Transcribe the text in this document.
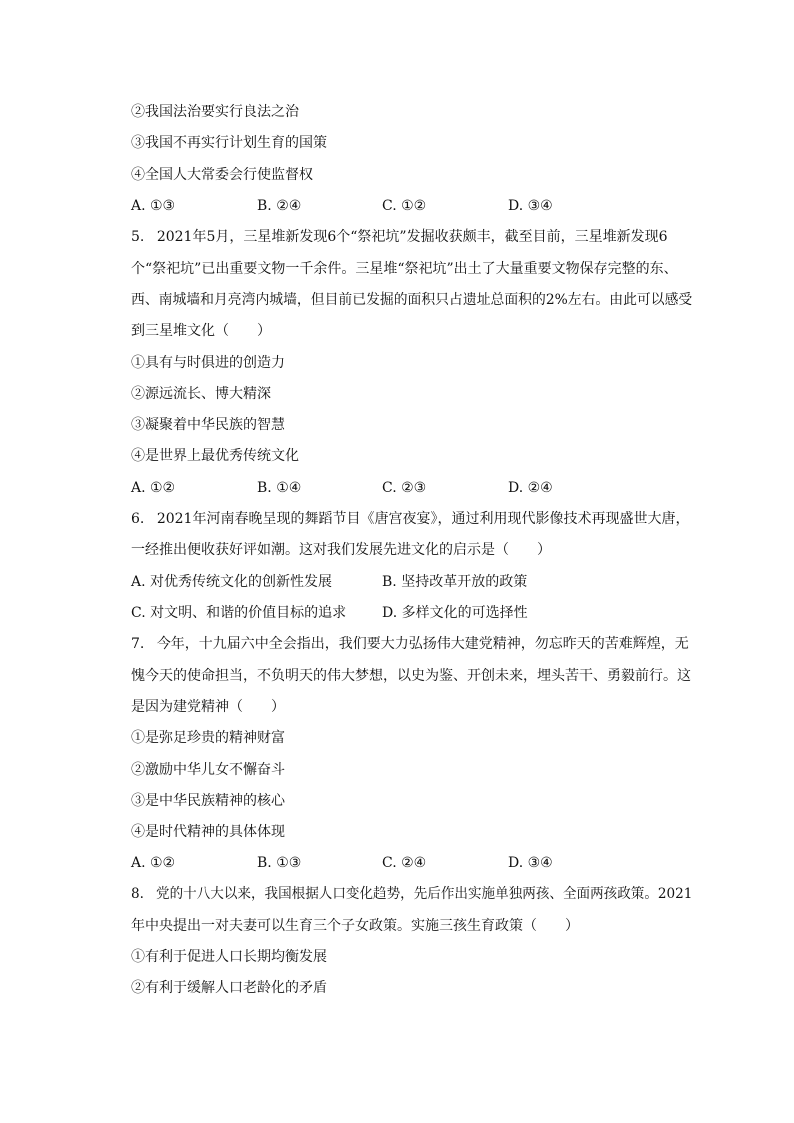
②我国法治要实行良法之治
③我国不再实行计划生育的国策
④全国人大常委会行使监督权
A. ①③	B. ②④	C. ①②	D. ③④
5. 2021年5月，三星堆新发现6个“祭祀坑”发掘收获颇丰，截至目前，三星堆新发现6
个“祭祀坑”已出重要文物一千余件。三星堆“祭祀坑”出土了大量重要文物保存完整的东、
西、南城墙和月亮湾内城墙，但目前已发掘的面积只占遗址总面积的2%左右。由此可以感受
到三星堆文化（　　）
①具有与时俱进的创造力
②源远流长、博大精深
③凝聚着中华民族的智慧
④是世界上最优秀传统文化
A. ①②	B. ①④	C. ②③	D. ②④
6. 2021年河南春晚呈现的舞蹈节目《唐宫夜宴》，通过利用现代影像技术再现盛世大唐，
一经推出便收获好评如潮。这对我们发展先进文化的启示是（　　）
A. 对优秀传统文化的创新性发展	B. 坚持改革开放的政策
C. 对文明、和谐的价值目标的追求	D. 多样文化的可选择性
7. 今年，十九届六中全会指出，我们要大力弘扬伟大建党精神，勿忘昨天的苦难辉煌，无
愧今天的使命担当，不负明天的伟大梦想，以史为鉴、开创未来，埋头苦干、勇毅前行。这
是因为建党精神（　　）
①是弥足珍贵的精神财富
②激励中华儿女不懈奋斗
③是中华民族精神的核心
④是时代精神的具体体现
A. ①②	B. ①③	C. ②④	D. ③④
8. 党的十八大以来，我国根据人口变化趋势，先后作出实施单独两孩、全面两孩政策。2021
年中央提出一对夫妻可以生育三个子女政策。实施三孩生育政策（　　）
①有利于促进人口长期均衡发展
②有利于缓解人口老龄化的矛盾
